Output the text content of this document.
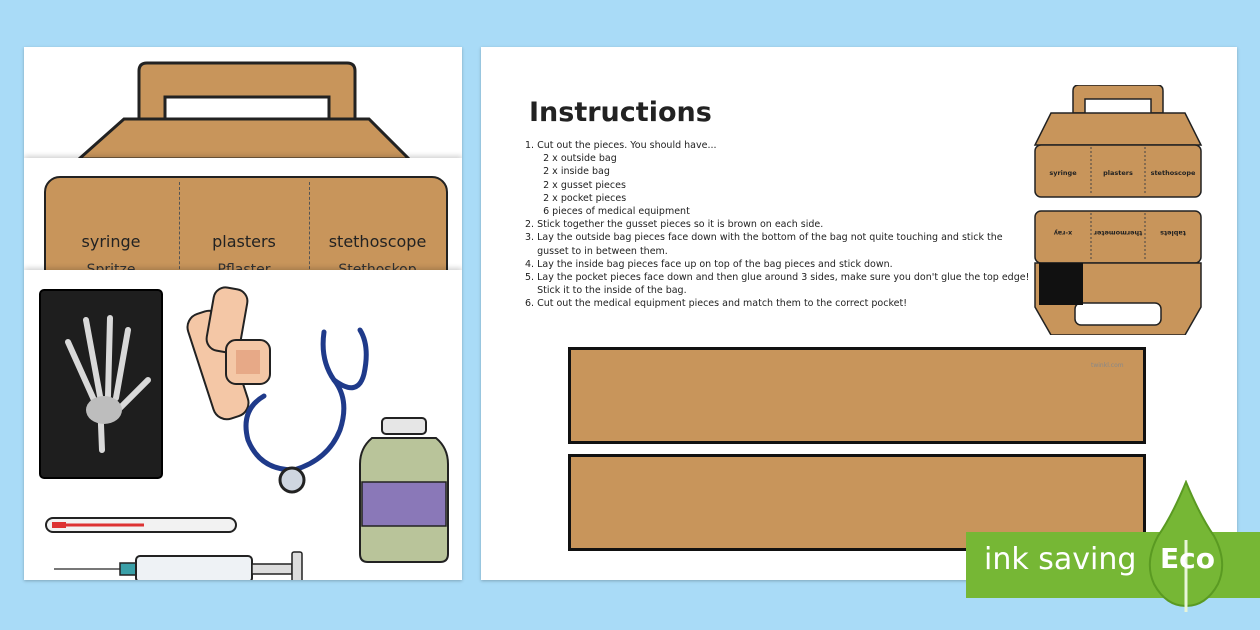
syringe	plasters	stethoscope
Instructions
1. Cut out the pieces. You should have...
2 x outside bag
2 x inside bag
2 x gusset pieces
2 x pocket pieces
6 pieces of medical equipment
2. Stick together the gusset pieces so it is brown on each side.
3. Lay the outside bag pieces face down with the bottom of the bag not quite touching and stick the
gusset to in between them.
4. Lay the inside bag pieces face up on top of the bag pieces and stick down.
5. Lay the pocket pieces face down and then glue around 3 sides, make sure you don't glue the top edge!
Stick it to the inside of the bag.
6. Cut out the medical equipment pieces and match them to the correct pocket!
syringe	plasters	stethoscope
x-ray	thermometer	tablets
twinkl.com
ink saving Eco
